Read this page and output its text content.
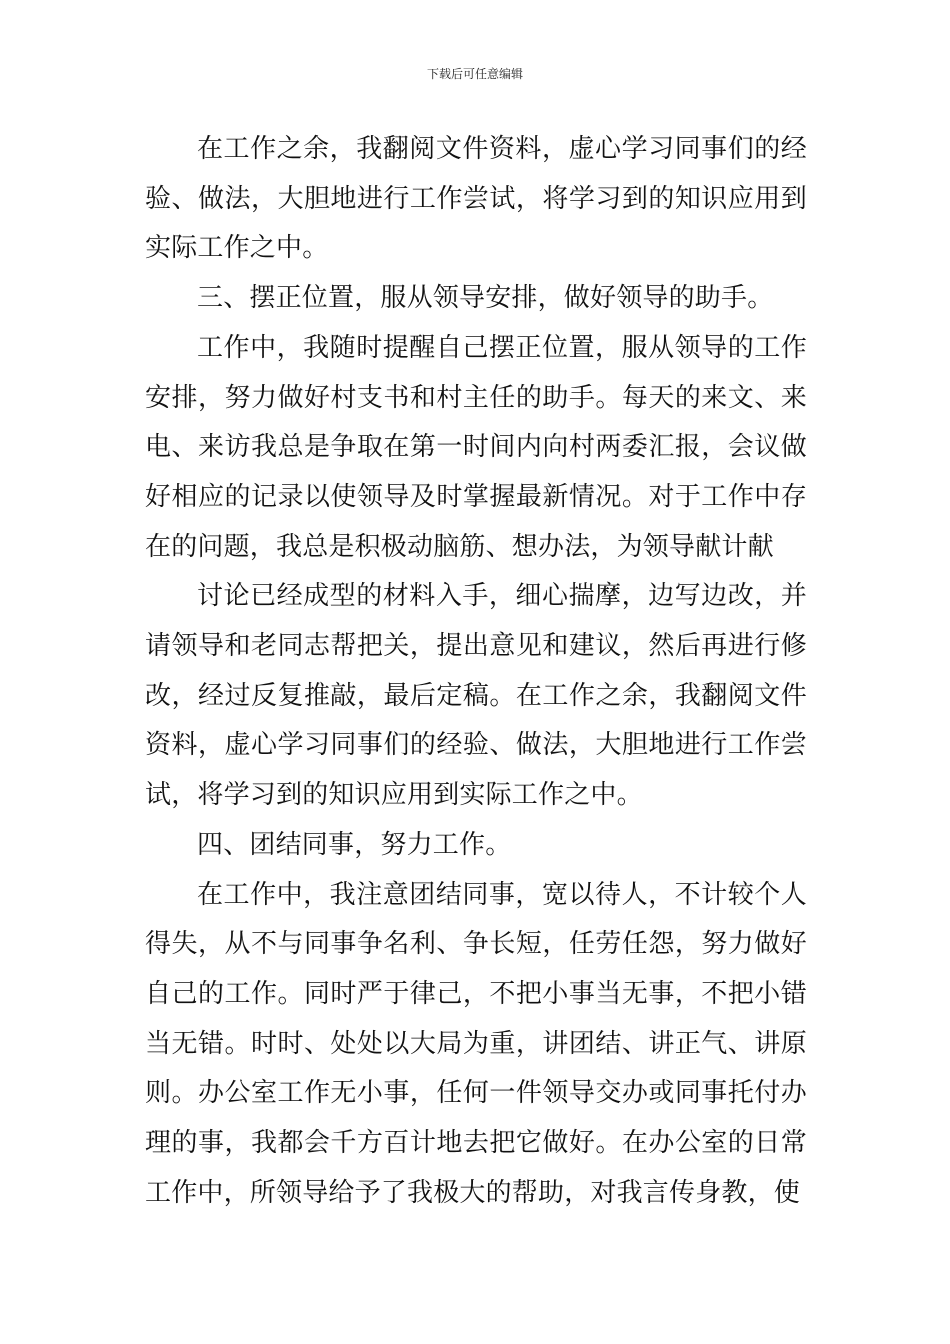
下载后可任意编辑

在工作之余，我翻阅文件资料，虚心学习同事们的经验、做法，大胆地进行工作尝试，将学习到的知识应用到实际工作之中。

三、摆正位置，服从领导安排，做好领导的助手。

工作中，我随时提醒自己摆正位置，服从领导的工作安排，努力做好村支书和村主任的助手。每天的来文、来电、来访我总是争取在第一时间内向村两委汇报，会议做好相应的记录以使领导及时掌握最新情况。对于工作中存在的问题，我总是积极动脑筋、想办法，为领导献计献

讨论已经成型的材料入手，细心揣摩，边写边改，并请领导和老同志帮把关，提出意见和建议，然后再进行修改，经过反复推敲，最后定稿。在工作之余，我翻阅文件资料，虚心学习同事们的经验、做法，大胆地进行工作尝试，将学习到的知识应用到实际工作之中。

四、团结同事，努力工作。

在工作中，我注意团结同事，宽以待人，不计较个人得失，从不与同事争名利、争长短，任劳任怨，努力做好自己的工作。同时严于律己，不把小事当无事，不把小错当无错。时时、处处以大局为重，讲团结、讲正气、讲原则。办公室工作无小事，任何一件领导交办或同事托付办理的事，我都会千方百计地去把它做好。在办公室的日常工作中，所领导给予了我极大的帮助，对我言传身教，使
